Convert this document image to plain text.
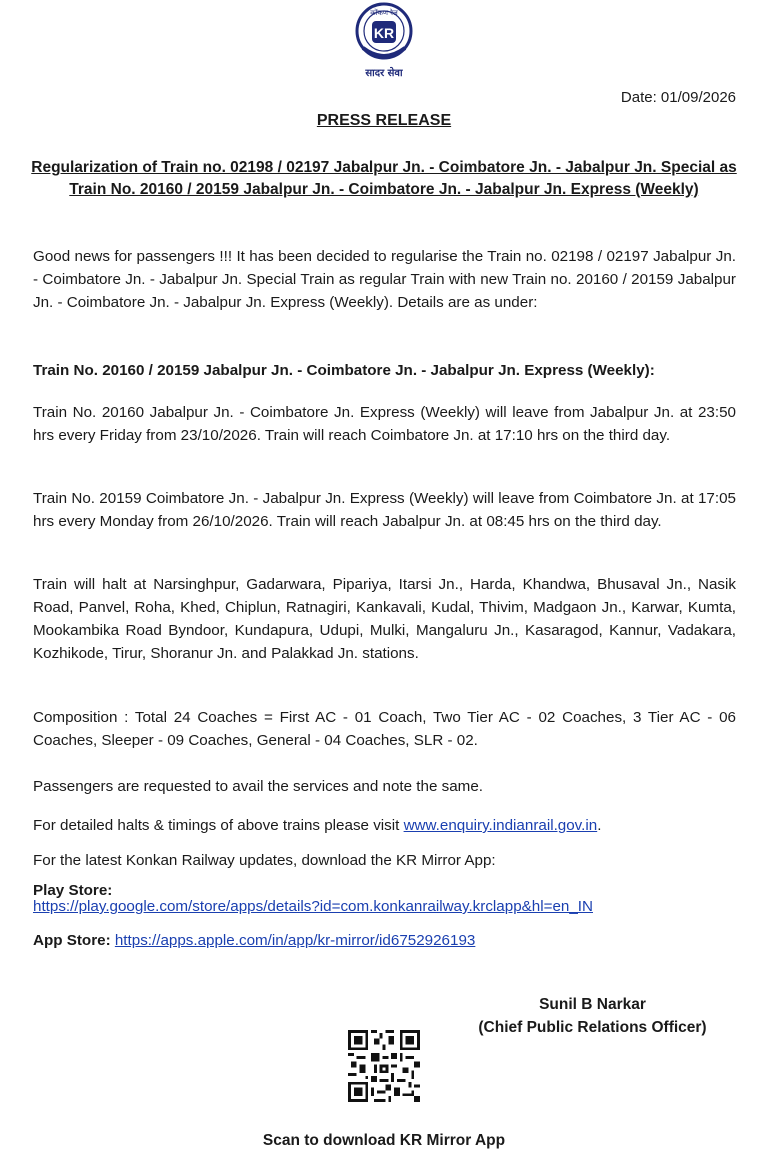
कोंकण रेल
KR
सादर सेवा
Date: 01/09/2026
PRESS RELEASE
Regularization of Train no. 02198 / 02197 Jabalpur Jn. - Coimbatore Jn. - Jabalpur Jn. Special as Train No. 20160 / 20159 Jabalpur Jn. - Coimbatore Jn. - Jabalpur Jn. Express (Weekly)
Good news for passengers !!! It has been decided to regularise the Train no. 02198 / 02197 Jabalpur Jn. - Coimbatore Jn. - Jabalpur Jn. Special Train as regular Train with new Train no. 20160 / 20159 Jabalpur Jn. - Coimbatore Jn. - Jabalpur Jn. Express (Weekly). Details are as under:
Train No. 20160 / 20159 Jabalpur Jn. - Coimbatore Jn. - Jabalpur Jn. Express (Weekly):
Train No. 20160 Jabalpur Jn. - Coimbatore Jn. Express (Weekly) will leave from Jabalpur Jn. at 23:50 hrs every Friday from 23/10/2026. Train will reach Coimbatore Jn. at 17:10 hrs on the third day.
Train No. 20159 Coimbatore Jn. - Jabalpur Jn. Express (Weekly) will leave from Coimbatore Jn. at 17:05 hrs every Monday from 26/10/2026. Train will reach Jabalpur Jn. at 08:45 hrs on the third day.
Train will halt at Narsinghpur, Gadarwara, Pipariya, Itarsi Jn., Harda, Khandwa, Bhusaval Jn., Nasik Road, Panvel, Roha, Khed, Chiplun, Ratnagiri, Kankavali, Kudal, Thivim, Madgaon Jn., Karwar, Kumta, Mookambika Road Byndoor, Kundapura, Udupi, Mulki, Mangaluru Jn., Kasaragod, Kannur, Vadakara, Kozhikode, Tirur, Shoranur Jn. and Palakkad Jn. stations.
Composition : Total 24 Coaches = First AC - 01 Coach, Two Tier AC - 02 Coaches, 3 Tier AC - 06 Coaches, Sleeper - 09 Coaches, General - 04 Coaches, SLR - 02.
Passengers are requested to avail the services and note the same.
For detailed halts & timings of above trains please visit www.enquiry.indianrail.gov.in.
For the latest Konkan Railway updates, download the KR Mirror App:
Play Store:
https://play.google.com/store/apps/details?id=com.konkanrailway.krclapp&hl=en_IN
App Store: https://apps.apple.com/in/app/kr-mirror/id6752926193
Sunil B Narkar
(Chief Public Relations Officer)
Scan to download KR Mirror App
